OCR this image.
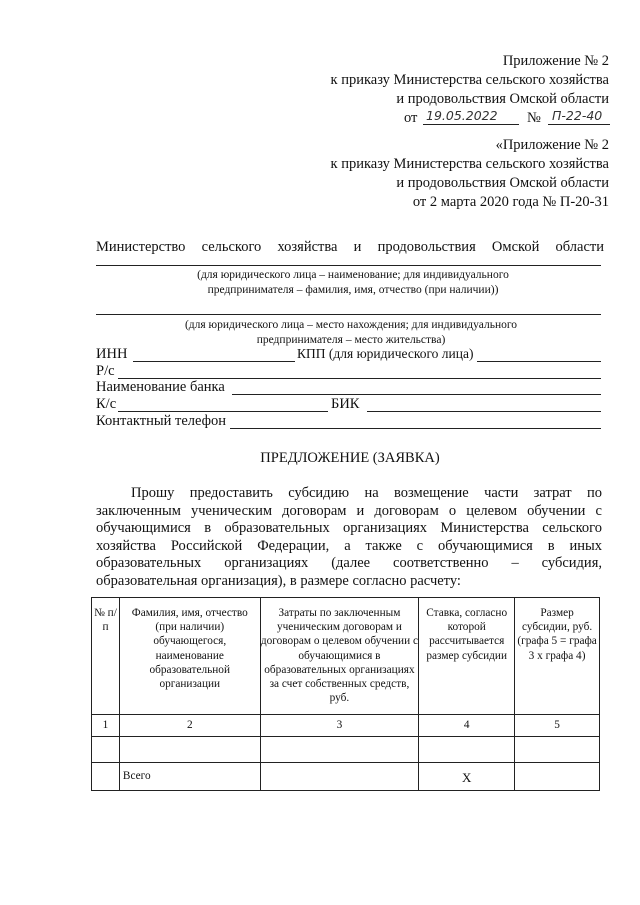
Приложение № 2
к приказу Министерства сельского хозяйства
и продовольствия Омской области
от 19.05.2022 № П-22-40
«Приложение № 2
к приказу Министерства сельского хозяйства
и продовольствия Омской области
от 2 марта 2020 года № П-20-31
Министерство сельского хозяйства и продовольствия Омской области
(для юридического лица – наименование; для индивидуального предпринимателя – фамилия, имя, отчество (при наличии))
(для юридического лица – место нахождения; для индивидуального предпринимателя – место жительства)
ИНН	КПП (для юридического лица)
Р/с
Наименование банка
К/с	БИК
Контактный телефон
ПРЕДЛОЖЕНИЕ (ЗАЯВКА)
Прошу предоставить субсидию на возмещение части затрат по
заключенным ученическим договорам и договорам о целевом обучении с
обучающимися в образовательных организациях Министерства сельского
хозяйства Российской Федерации, а также с обучающимися в иных
образовательных организациях (далее соответственно – субсидия,
образовательная организация), в размере согласно расчету:
№ п/п	Фамилия, имя, отчество (при наличии) обучающегося, наименование образовательной организации	Затраты по заключенным ученическим договорам и договорам о целевом обучении с обучающимися в образовательных организациях за счет собственных средств, руб.	Ставка, согласно которой рассчитывается размер субсидии	Размер субсидии, руб. (графа 5 = графа 3 x графа 4)
1	2	3	4	5

	Всего		Х	
